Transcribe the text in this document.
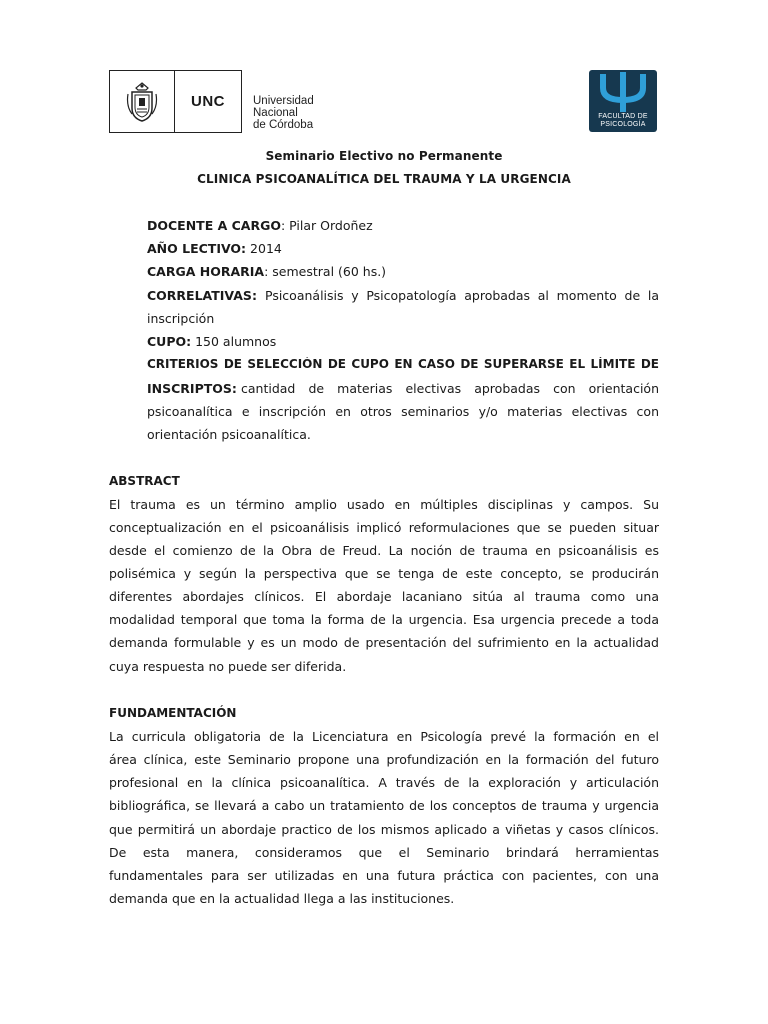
UNC	Universidad
Nacional
de Córdoba
FACULTAD DE
PSICOLOGÍA
Seminario Electivo no Permanente
CLINICA PSICOANALÍTICA DEL TRAUMA Y LA URGENCIA
DOCENTE A CARGO: Pilar Ordoñez
AÑO LECTIVO: 2014
CARGA HORARIA: semestral (60 hs.)
CORRELATIVAS: Psicoanálisis y Psicopatología aprobadas al momento de la
inscripción
CUPO: 150 alumnos
CRITERIOS DE SELECCIÓN DE CUPO EN CASO DE SUPERARSE EL LÍMITE DE
INSCRIPTOS: cantidad de materias electivas aprobadas con orientación
psicoanalítica e inscripción en otros seminarios y/o materias electivas con
orientación psicoanalítica.
ABSTRACT
El trauma es un término amplio usado en múltiples disciplinas y campos. Su
conceptualización en el psicoanálisis implicó reformulaciones que se pueden situar
desde el comienzo de la Obra de Freud. La noción de trauma en psicoanálisis es
polisémica y según la perspectiva que se tenga de este concepto, se producirán
diferentes abordajes clínicos. El abordaje lacaniano sitúa al trauma como una
modalidad temporal que toma la forma de la urgencia. Esa urgencia precede a toda
demanda formulable y es un modo de presentación del sufrimiento en la actualidad
cuya respuesta no puede ser diferida.
FUNDAMENTACIÓN
La curricula obligatoria de la Licenciatura en Psicología prevé la formación en el
área clínica, este Seminario propone una profundización en la formación del futuro
profesional en la clínica psicoanalítica. A través de la exploración y articulación
bibliográfica, se llevará a cabo un tratamiento de los conceptos de trauma y urgencia
que permitirá un abordaje practico de los mismos aplicado a viñetas y casos clínicos.
De esta manera, consideramos que el Seminario brindará herramientas
fundamentales para ser utilizadas en una futura práctica con pacientes, con una
demanda que en la actualidad llega a las instituciones.
